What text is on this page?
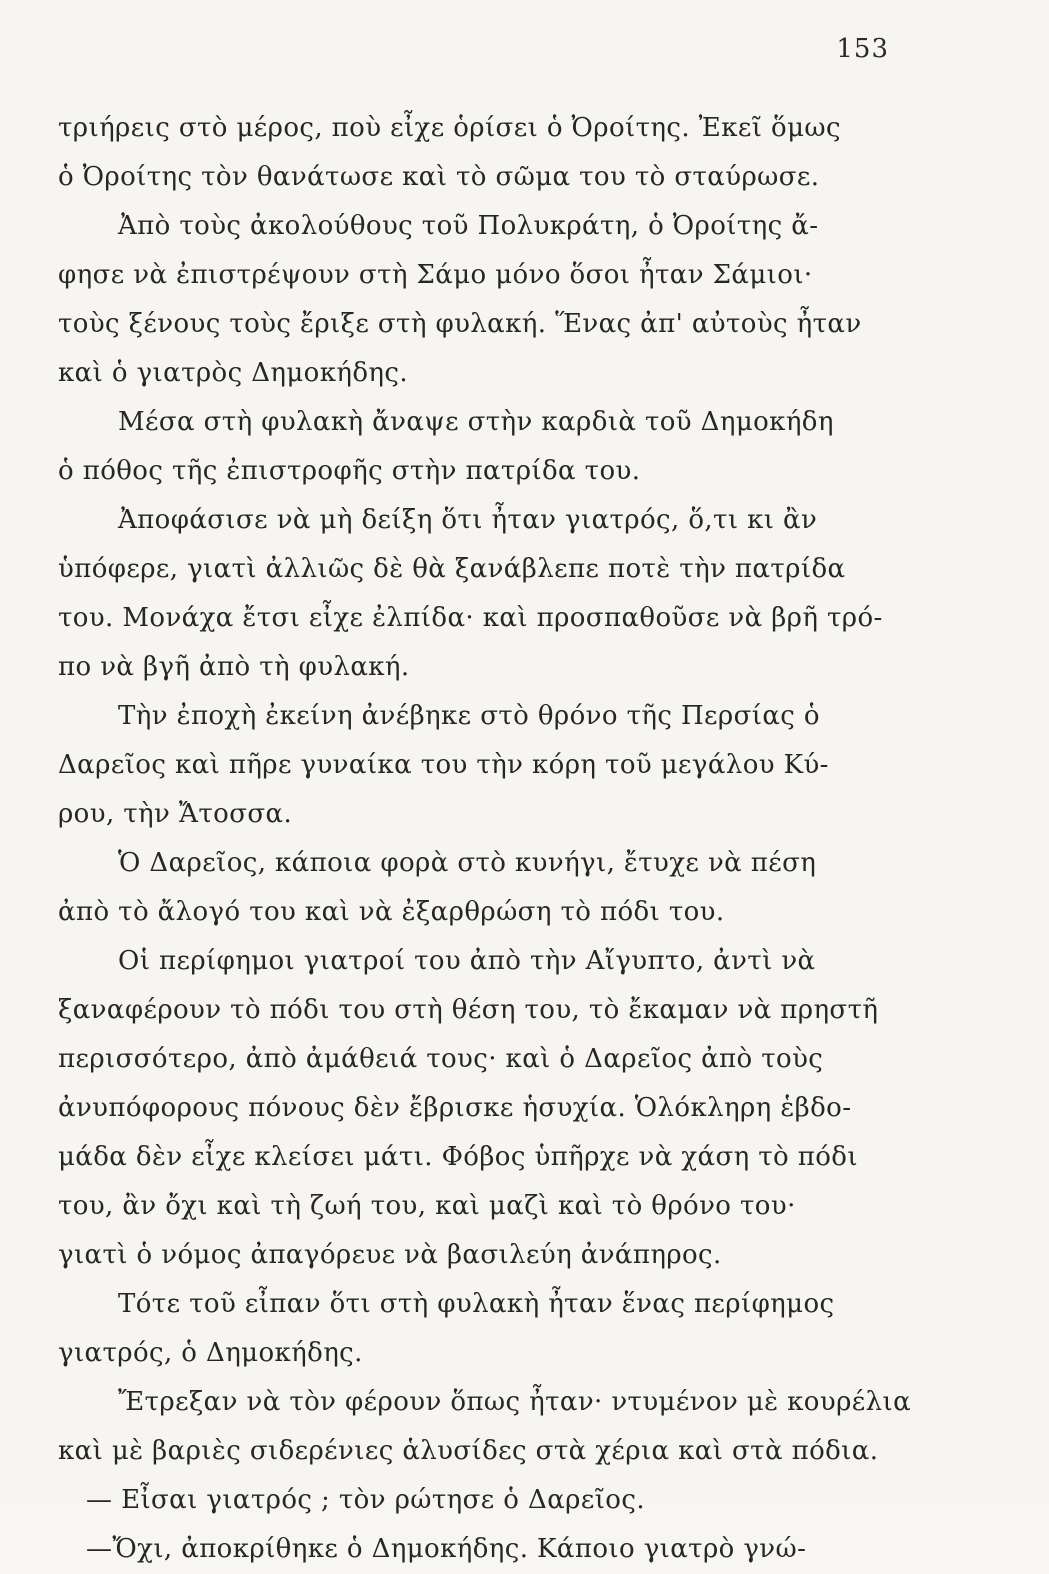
153
τριήρεις στὸ μέρος, ποὺ εἶχε ὁρίσει ὁ Ὀροίτης. Ἐκεῖ ὅμως
ὁ Ὀροίτης τὸν θανάτωσε καὶ τὸ σῶμα του τὸ σταύρωσε.
Ἀπὸ τοὺς ἀκολούθους τοῦ Πολυκράτη, ὁ Ὀροίτης ἄ-
φησε νὰ ἐπιστρέψουν στὴ Σάμο μόνο ὅσοι ἦταν Σάμιοι·
τοὺς ξένους τοὺς ἔριξε στὴ φυλακή. Ἕνας ἀπ' αὐτοὺς ἦταν
καὶ ὁ γιατρὸς Δημοκήδης.
Μέσα στὴ φυλακὴ ἄναψε στὴν καρδιὰ τοῦ Δημοκήδη
ὁ πόθος τῆς ἐπιστροφῆς στὴν πατρίδα του.
Ἀποφάσισε νὰ μὴ δείξη ὅτι ἦταν γιατρός, ὅ,τι κι ἂν
ὑπόφερε, γιατὶ ἀλλιῶς δὲ θὰ ξανάβλεπε ποτὲ τὴν πατρίδα
του. Μονάχα ἔτσι εἶχε ἐλπίδα· καὶ προσπαθοῦσε νὰ βρῆ τρό-
πο νὰ βγῆ ἀπὸ τὴ φυλακή.
Τὴν ἐποχὴ ἐκείνη ἀνέβηκε στὸ θρόνο τῆς Περσίας ὁ
Δαρεῖος καὶ πῆρε γυναίκα του τὴν κόρη τοῦ μεγάλου Κύ-
ρου, τὴν Ἄτοσσα.
Ὁ Δαρεῖος, κάποια φορὰ στὸ κυνήγι, ἔτυχε νὰ πέση
ἀπὸ τὸ ἄλογό του καὶ νὰ ἐξαρθρώση τὸ πόδι του.
Οἱ περίφημοι γιατροί του ἀπὸ τὴν Αἴγυπτο, ἀντὶ νὰ
ξαναφέρουν τὸ πόδι του στὴ θέση του, τὸ ἔκαμαν νὰ πρηστῆ
περισσότερο, ἀπὸ ἀμάθειά τους· καὶ ὁ Δαρεῖος ἀπὸ τοὺς
ἀνυπόφορους πόνους δὲν ἔβρισκε ἡσυχία. Ὁλόκληρη ἑβδο-
μάδα δὲν εἶχε κλείσει μάτι. Φόβος ὑπῆρχε νὰ χάση τὸ πόδι
του, ἂν ὄχι καὶ τὴ ζωή του, καὶ μαζὶ καὶ τὸ θρόνο του·
γιατὶ ὁ νόμος ἀπαγόρευε νὰ βασιλεύη ἀνάπηρος.
Τότε τοῦ εἶπαν ὅτι στὴ φυλακὴ ἦταν ἕνας περίφημος
γιατρός, ὁ Δημοκήδης.
Ἔτρεξαν νὰ τὸν φέρουν ὅπως ἦταν· ντυμένον μὲ κουρέλια
καὶ μὲ βαριὲς σιδερένιες ἁλυσίδες στὰ χέρια καὶ στὰ πόδια.
— Εἶσαι γιατρός ; τὸν ρώτησε ὁ Δαρεῖος.
—Ὄχι, ἀποκρίθηκε ὁ Δημοκήδης. Κάποιο γιατρὸ γνώ-
